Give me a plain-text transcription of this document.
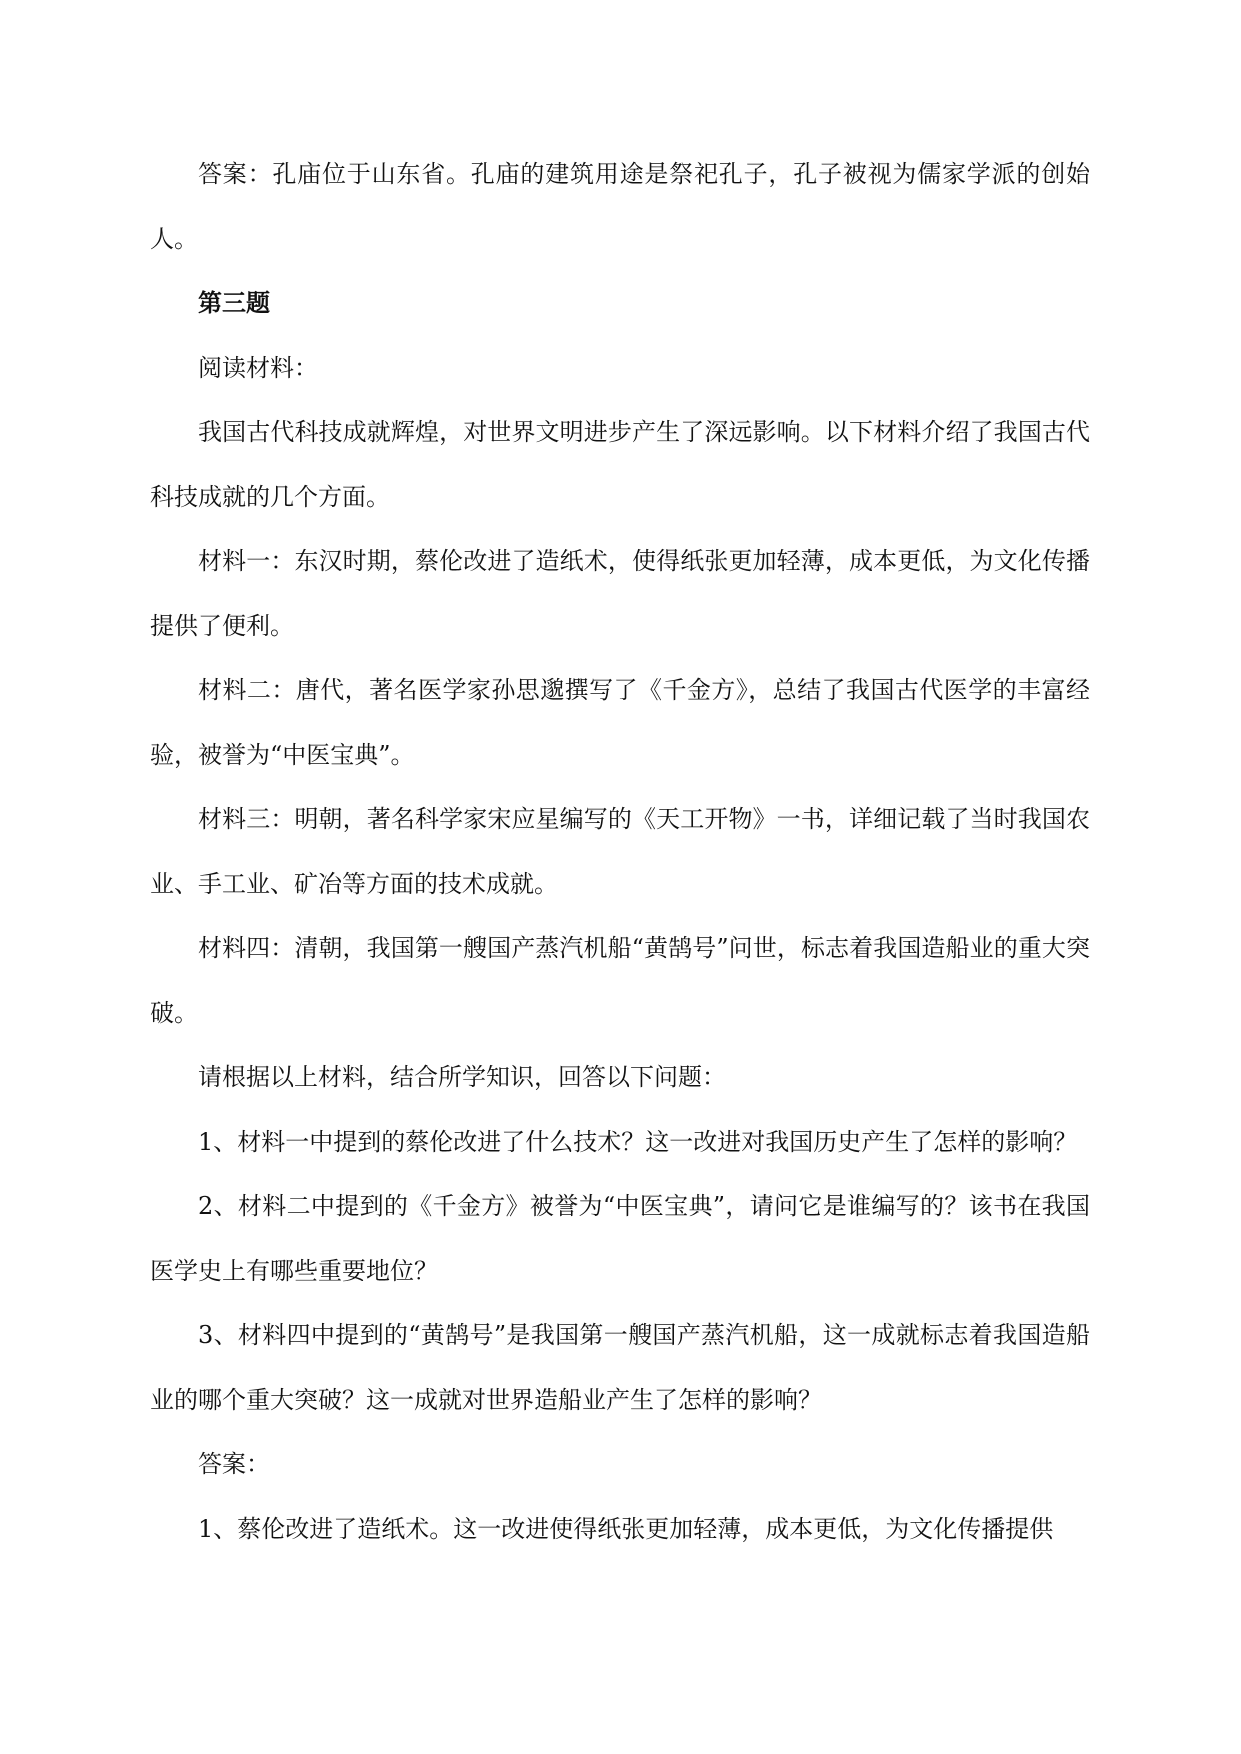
答案：孔庙位于山东省。孔庙的建筑用途是祭祀孔子，孔子被视为儒家学派的创始人。

第三题

阅读材料：

我国古代科技成就辉煌，对世界文明进步产生了深远影响。以下材料介绍了我国古代科技成就的几个方面。

材料一：东汉时期，蔡伦改进了造纸术，使得纸张更加轻薄，成本更低，为文化传播提供了便利。

材料二：唐代，著名医学家孙思邈撰写了《千金方》，总结了我国古代医学的丰富经验，被誉为“中医宝典”。

材料三：明朝，著名科学家宋应星编写的《天工开物》一书，详细记载了当时我国农业、手工业、矿冶等方面的技术成就。

材料四：清朝，我国第一艘国产蒸汽机船“黄鹄号”问世，标志着我国造船业的重大突破。

请根据以上材料，结合所学知识，回答以下问题：

1、材料一中提到的蔡伦改进了什么技术？这一改进对我国历史产生了怎样的影响？

2、材料二中提到的《千金方》被誉为“中医宝典”，请问它是谁编写的？该书在我国医学史上有哪些重要地位？

3、材料四中提到的“黄鹄号”是我国第一艘国产蒸汽机船，这一成就标志着我国造船业的哪个重大突破？这一成就对世界造船业产生了怎样的影响？

答案：

1、蔡伦改进了造纸术。这一改进使得纸张更加轻薄，成本更低，为文化传播提供
